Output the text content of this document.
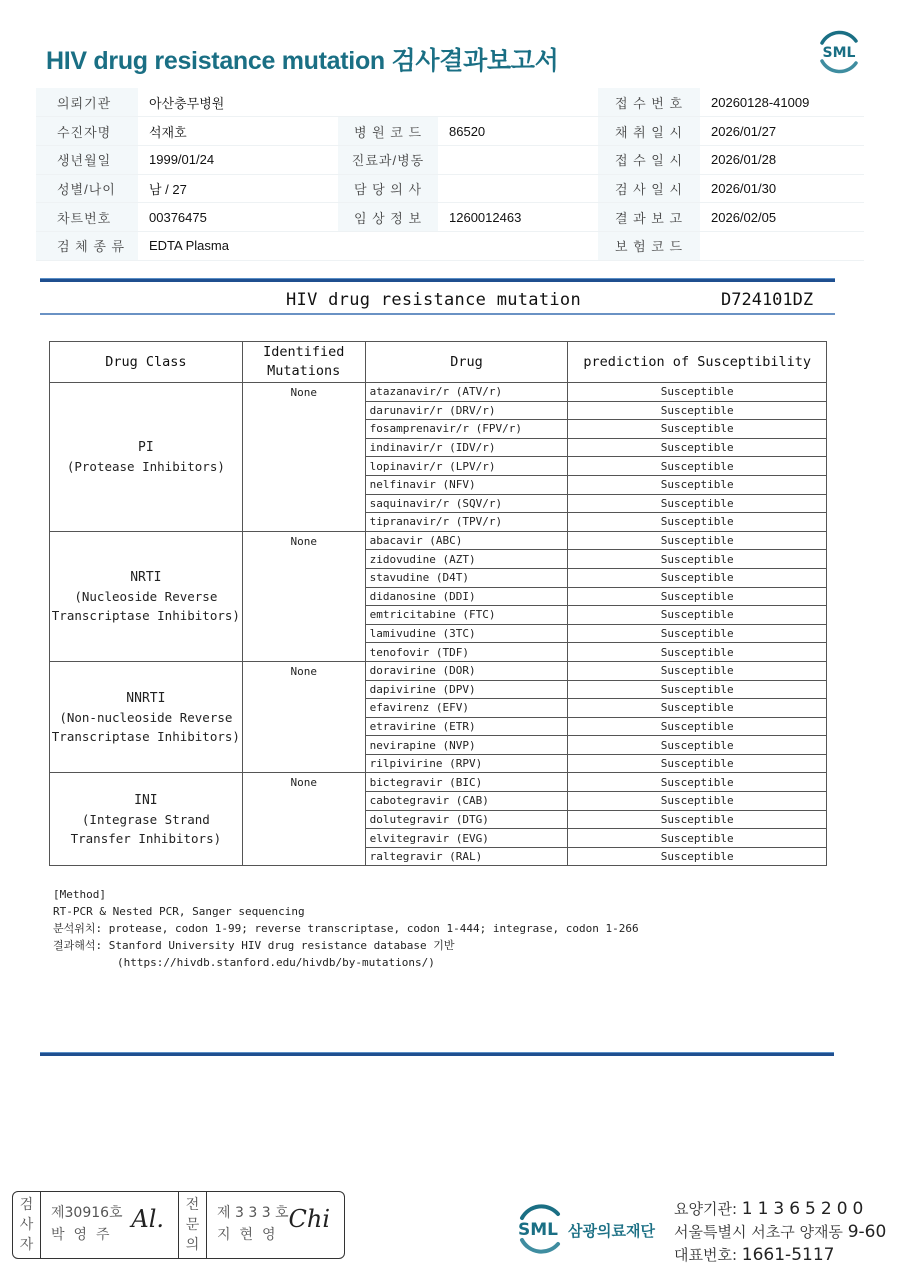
HIV drug resistance mutation 검사결과보고서	SML
의뢰기관	아산충무병원			접 수 번 호	20260128-41009
수진자명	석재호	병 원 코 드	86520	채 취 일 시	2026/01/27
생년월일	1999/01/24	진료과/병동		접 수 일 시	2026/01/28
성별/나이	남 / 27	담 당 의 사		검 사 일 시	2026/01/30
차트번호	00376475	임 상 정 보	1260012463	결 과 보 고	2026/02/05
검 체 종 류	EDTA Plasma			보 험 코 드	
HIV drug resistance mutation	D724101DZ
Drug Class	Identified Mutations	Drug	prediction of Susceptibility

PI
(Protease Inhibitors)	None	atazanavir/r (ATV/r)	Susceptible
		darunavir/r (DRV/r)	Susceptible
		fosamprenavir/r (FPV/r)	Susceptible
		indinavir/r (IDV/r)	Susceptible
		lopinavir/r (LPV/r)	Susceptible
		nelfinavir (NFV)	Susceptible
		saquinavir/r (SQV/r)	Susceptible
		tipranavir/r (TPV/r)	Susceptible

NRTI
(Nucleoside Reverse
Transcriptase Inhibitors)	None	abacavir (ABC)	Susceptible
		zidovudine (AZT)	Susceptible
		stavudine (D4T)	Susceptible
		didanosine (DDI)	Susceptible
		emtricitabine (FTC)	Susceptible
		lamivudine (3TC)	Susceptible
		tenofovir (TDF)	Susceptible

NNRTI
(Non-nucleoside Reverse
Transcriptase Inhibitors)	None	doravirine (DOR)	Susceptible
		dapivirine (DPV)	Susceptible
		efavirenz (EFV)	Susceptible
		etravirine (ETR)	Susceptible
		nevirapine (NVP)	Susceptible
		rilpivirine (RPV)	Susceptible

INI
(Integrase Strand
Transfer Inhibitors)	None	bictegravir (BIC)	Susceptible
		cabotegravir (CAB)	Susceptible
		dolutegravir (DTG)	Susceptible
		elvitegravir (EVG)	Susceptible
		raltegravir (RAL)	Susceptible
[Method]
RT-PCR & Nested PCR, Sanger sequencing
분석위치: protease, codon 1-99; reverse transcriptase, codon 1-444; integrase, codon 1-266
결과해석: Stanford University HIV drug resistance database 기반
(https://hivdb.stanford.edu/hivdb/by-mutations/)
검
사
자
제30916호
박영주
Al. 전
문
의
제 3 3 3 호
지현영
Chi	SML 삼광의료재단
요양기관: 11365200
서울특별시 서초구 양재동 9-60
대표번호: 1661-5117
